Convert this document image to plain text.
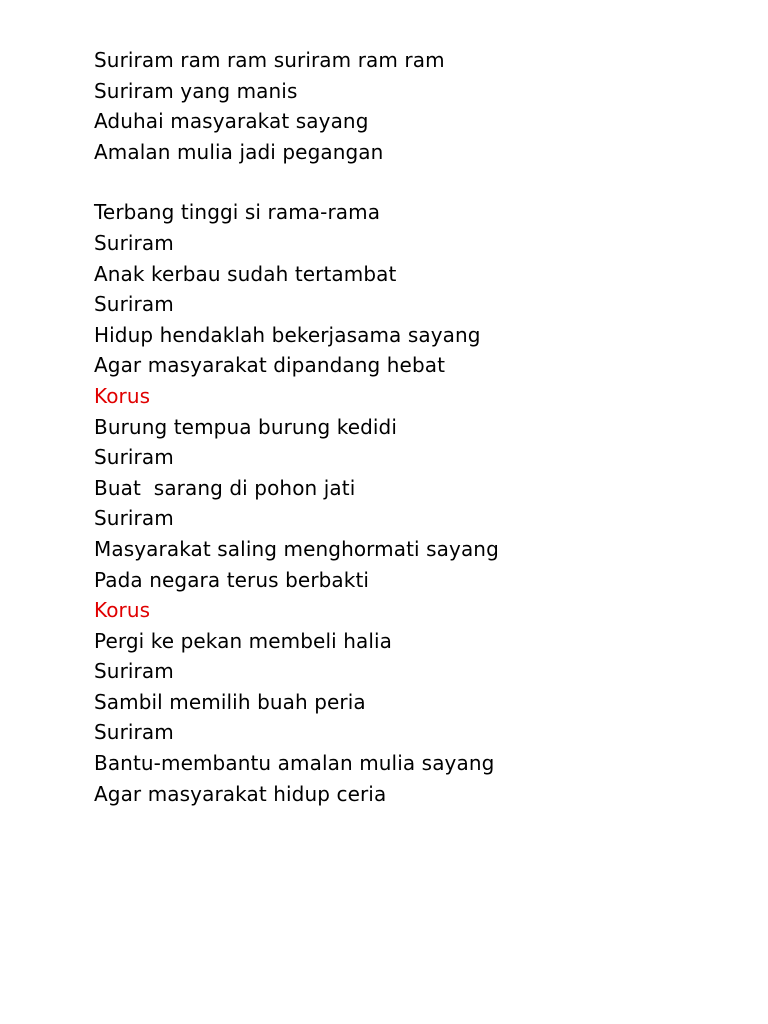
Suriram ram ram suriram ram ram
Suriram yang manis
Aduhai masyarakat sayang
Amalan mulia jadi pegangan
Terbang tinggi si rama-rama
Suriram
Anak kerbau sudah tertambat
Suriram
Hidup hendaklah bekerjasama sayang
Agar masyarakat dipandang hebat
Korus
Burung tempua burung kedidi
Suriram
Buat  sarang di pohon jati
Suriram
Masyarakat saling menghormati sayang
Pada negara terus berbakti
Korus
Pergi ke pekan membeli halia
Suriram
Sambil memilih buah peria
Suriram
Bantu-membantu amalan mulia sayang
Agar masyarakat hidup ceria
